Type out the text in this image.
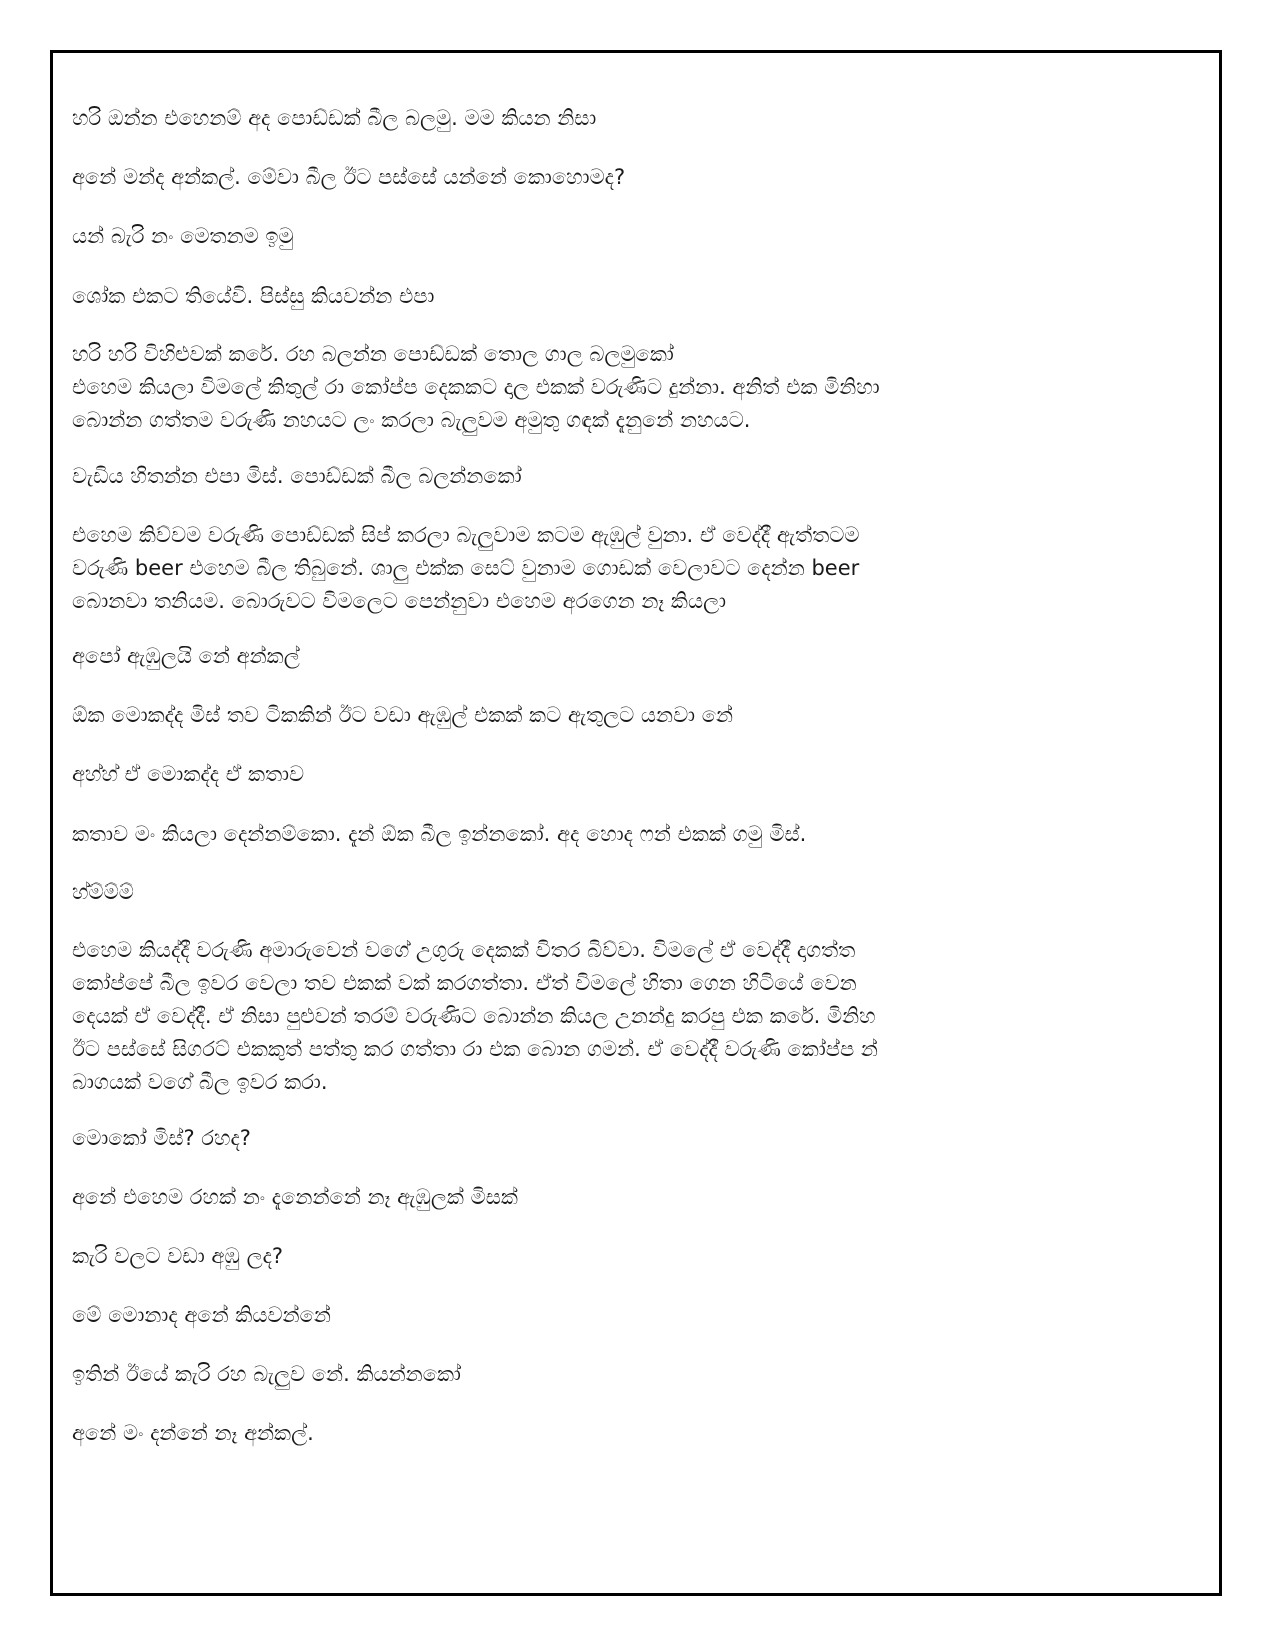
හරි ඔන්න එහෙනම් අද පොඩ්ඩක් බීල බලමු. මම කියන නිසා

අනේ මන්ද අන්කල්. මේවා බීල ඊට පස්සේ යන්නේ කොහොමද?

යන් බැරි නං මෙතනම ඉමු

ශෝක එකට තියේවි. පිස්සු කියවන්න එපා

හරි හරි විහිළුවක් කරේ. රහ බලන්න පොඩ්ඩක් තොල ගාල බලමුකෝ
එහෙම කියලා විමලේ කිතුල් රා කෝප්ප දෙකකට දාල එකක් වරුණිට දුන්නා. අනිත් එක මිනිහා
බොන්න ගත්තම වරුණි නහයට ලං කරලා බැලුවම අමුතු ගඳක් දැනුනේ නහයට.

වැඩිය හිතන්න එපා මිස්. පොඩ්ඩක් බීල බලන්නකෝ

එහෙම කිව්වම වරුණි පොඩ්ඩක් සිප් කරලා බැලුවාම කටම ඇඹුල් වුනා. ඒ වෙද්දී ඇත්තටම
වරුණි beer එහෙම බීල තිබුනේ. ශාලු එක්ක සෙට් වුනාම ගොඩක් වෙලාවට දෙන්න beer
බොනවා තනියම. බොරුවට විමලෙට පෙන්නුවා එහෙම අරගෙන නෑ කියලා

අපෝ ඇඹුලයි නේ අන්කල්

ඕක මොකද්ද මිස් තව ටිකකින් ඊට වඩා ඇඹුල් එකක් කට ඇතුලට යනවා නේ

අහ්හ් ඒ මොකද්ද ඒ කතාව

කතාව මං කියලා දෙන්නම්කො. දැන් ඕක බීල ඉන්නකෝ. අද හොද ෆන් එකක් ගමු මිස්.

හ්ම්ම්ම්

එහෙම කියද්දී වරුණි අමාරුවෙන් වගේ උගුරු දෙකක් විතර බිව්වා. විමලේ ඒ වෙද්දී දාගත්ත
කෝප්පේ බීල ඉවර වෙලා තව එකක් වක් කරගත්තා. ඒත් විමලේ හිතා ගෙන හිටියේ වෙන
දෙයක් ඒ වෙද්දී. ඒ නිසා පුළුවන් තරම් වරුණිට බොන්න කියල උනන්දු කරපු එක කරේ. මිනිහ
ඊට පස්සේ සිගරට් එකකුත් පත්තු කර ගත්තා රා එක බොන ගමන්. ඒ වෙද්දී වරුණි කෝප්ප න්
බාගයක් වගේ බීල ඉවර කරා.

මොකෝ මිස්? රහද?

අනේ එහෙම රහක් නං දැනෙන්නේ නෑ ඇඹුලක් මිසක්

කැරි වලට වඩා අඹු ලද?

මේ මොනාද අනේ කියවන්නේ

ඉතින් ඊයේ කැරි රහ බැලුව නේ. කියන්නකෝ

අනේ මං දන්නේ නෑ අන්කල්.
